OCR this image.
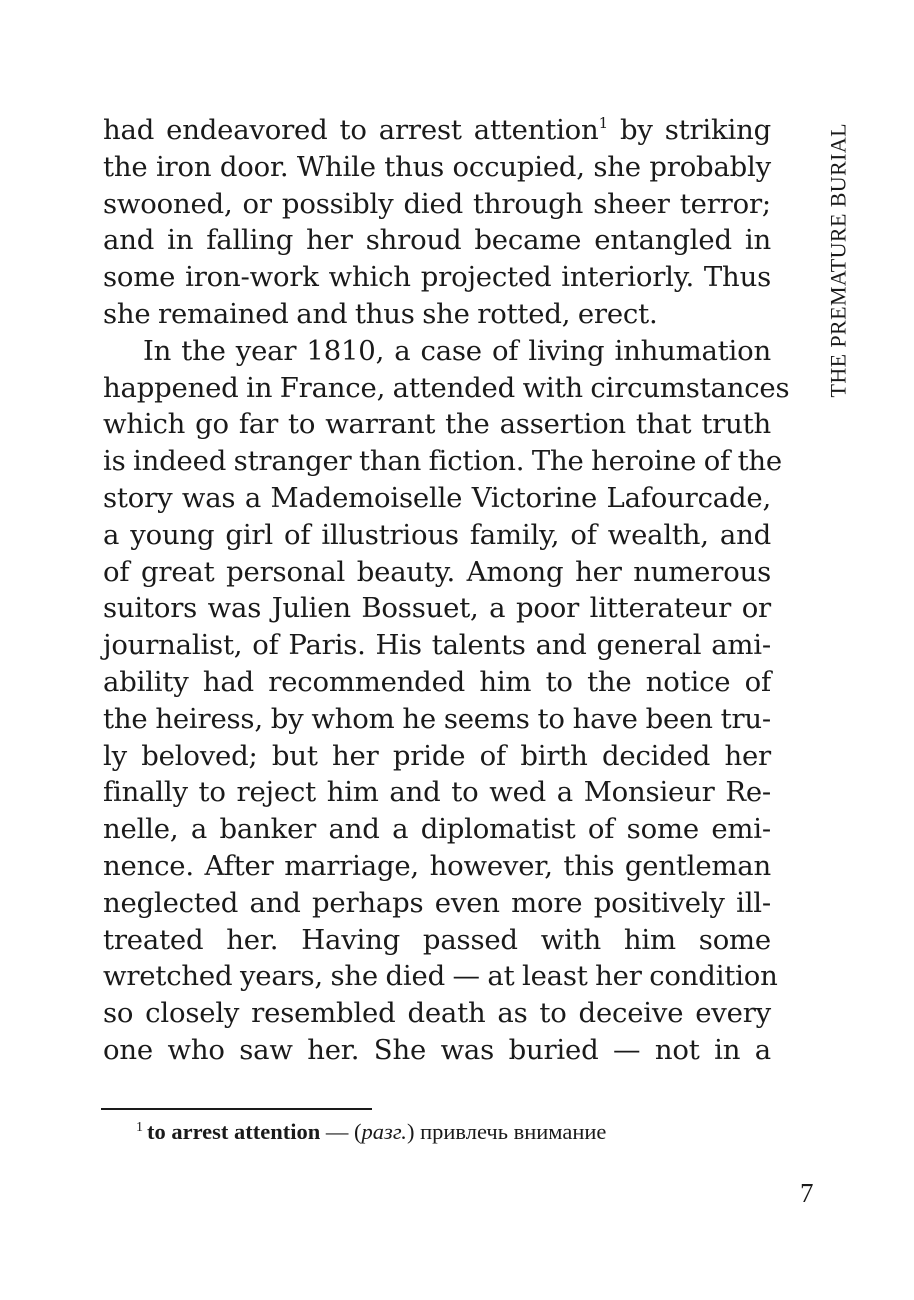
THE PREMATURE BURIAL
had endeavored to arrest attention$^1$ by striking
the iron door. While thus occupied, she probably
swooned, or possibly died through sheer terror;
and in falling her shroud became entangled in
some iron-work which projected interiorly. Thus
she remained and thus she rotted, erect.
In the year 1810, a case of living inhumation
happened in France, attended with circumstances
which go far to warrant the assertion that truth
is indeed stranger than fiction. The heroine of the
story was a Mademoiselle Victorine Lafourcade,
a young girl of illustrious family, of wealth, and
of great personal beauty. Among her numerous
suitors was Julien Bossuet, a poor litterateur or
journalist, of Paris. His talents and general ami-
ability had recommended him to the notice of
the heiress, by whom he seems to have been tru-
ly beloved; but her pride of birth decided her
finally to reject him and to wed a Monsieur Re-
nelle, a banker and a diplomatist of some emi-
nence. After marriage, however, this gentleman
neglected and perhaps even more positively ill-
treated her. Having passed with him some
wretched years, she died — at least her condition
so closely resembled death as to deceive every
one who saw her. She was buried — not in a
$^1$ to arrest attention — (разг.) привлечь внимание
7
